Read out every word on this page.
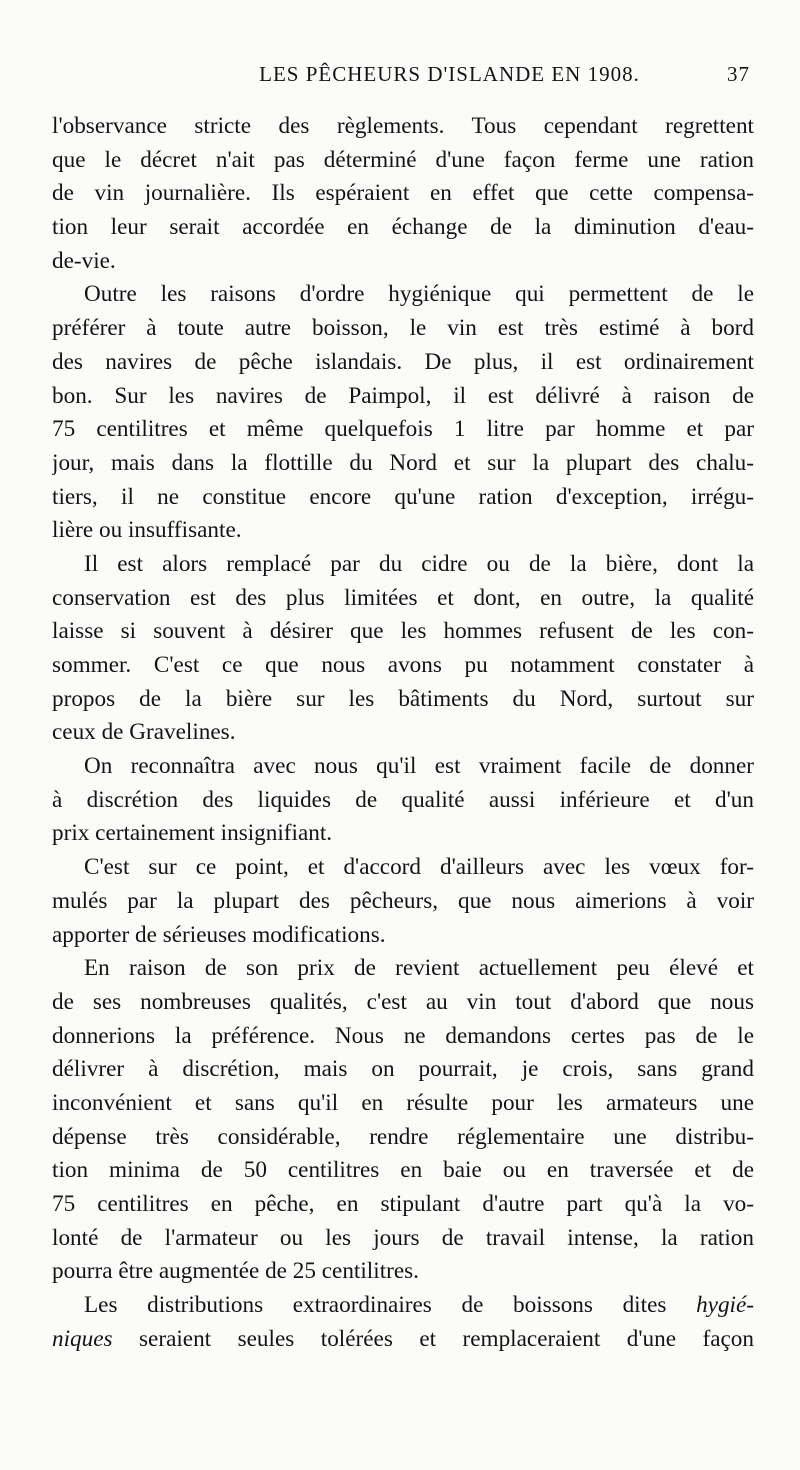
LES PÊCHEURS D'ISLANDE EN 1908.	37
l'observance stricte des règlements. Tous cependant regrettent
que le décret n'ait pas déterminé d'une façon ferme une ration
de vin journalière. Ils espéraient en effet que cette compensa-
tion leur serait accordée en échange de la diminution d'eau-
de-vie.
Outre les raisons d'ordre hygiénique qui permettent de le
préférer à toute autre boisson, le vin est très estimé à bord
des navires de pêche islandais. De plus, il est ordinairement
bon. Sur les navires de Paimpol, il est délivré à raison de
75 centilitres et même quelquefois 1 litre par homme et par
jour, mais dans la flottille du Nord et sur la plupart des chalu-
tiers, il ne constitue encore qu'une ration d'exception, irrégu-
lière ou insuffisante.
Il est alors remplacé par du cidre ou de la bière, dont la
conservation est des plus limitées et dont, en outre, la qualité
laisse si souvent à désirer que les hommes refusent de les con-
sommer. C'est ce que nous avons pu notamment constater à
propos de la bière sur les bâtiments du Nord, surtout sur
ceux de Gravelines.
On reconnaîtra avec nous qu'il est vraiment facile de donner
à discrétion des liquides de qualité aussi inférieure et d'un
prix certainement insignifiant.
C'est sur ce point, et d'accord d'ailleurs avec les vœux for-
mulés par la plupart des pêcheurs, que nous aimerions à voir
apporter de sérieuses modifications.
En raison de son prix de revient actuellement peu élevé et
de ses nombreuses qualités, c'est au vin tout d'abord que nous
donnerions la préférence. Nous ne demandons certes pas de le
délivrer à discrétion, mais on pourrait, je crois, sans grand
inconvénient et sans qu'il en résulte pour les armateurs une
dépense très considérable, rendre réglementaire une distribu-
tion minima de 50 centilitres en baie ou en traversée et de
75 centilitres en pêche, en stipulant d'autre part qu'à la vo-
lonté de l'armateur ou les jours de travail intense, la ration
pourra être augmentée de 25 centilitres.
Les distributions extraordinaires de boissons dites hygié-
niques seraient seules tolérées et remplaceraient d'une façon
